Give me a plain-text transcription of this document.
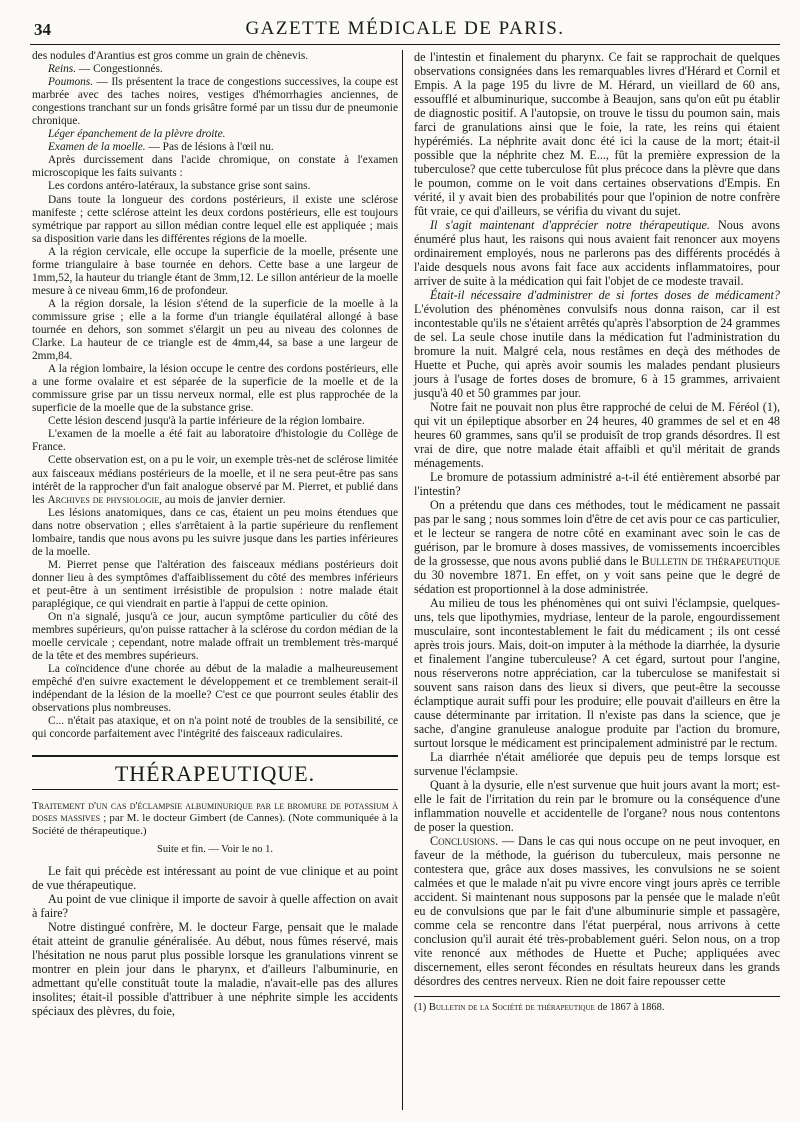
34	GAZETTE MÉDICALE DE PARIS.

des nodules d'Arantius est gros comme un grain de chènevis.

Reins. — Congestionnés.

Poumons. — Ils présentent la trace de congestions successives, la coupe est marbrée avec des taches noires, vestiges d'hémorrhagies anciennes, de congestions tranchant sur un fonds grisâtre formé par un tissu dur de pneumonie chronique.

Léger épanchement de la plèvre droite.

Examen de la moelle. — Pas de lésions à l'œil nu.

Après durcissement dans l'acide chromique, on constate à l'examen microscopique les faits suivants :

Les cordons antéro-latéraux, la substance grise sont sains.

Dans toute la longueur des cordons postérieurs, il existe une sclérose manifeste ; cette sclérose atteint les deux cordons postérieurs, elle est toujours symétrique par rapport au sillon médian contre lequel elle est appliquée ; mais sa disposition varie dans les différentes régions de la moelle.

A la région cervicale, elle occupe la superficie de la moelle, présente une forme triangulaire à base tournée en dehors. Cette base a une largeur de 1mm,52, la hauteur du triangle étant de 3mm,12. Le sillon antérieur de la moelle mesure à ce niveau 6mm,16 de profondeur.

A la région dorsale, la lésion s'étend de la superficie de la moelle à la commissure grise ; elle a la forme d'un triangle équilatéral allongé à base tournée en dehors, son sommet s'élargit un peu au niveau des colonnes de Clarke. La hauteur de ce triangle est de 4mm,44, sa base a une largeur de 2mm,84.

A la région lombaire, la lésion occupe le centre des cordons postérieurs, elle a une forme ovalaire et est séparée de la superficie de la moelle et de la commissure grise par un tissu nerveux normal, elle est plus rapprochée de la superficie de la moelle que de la substance grise.

Cette lésion descend jusqu'à la partie inférieure de la région lombaire.

L'examen de la moelle a été fait au laboratoire d'histologie du Collège de France.

Cette observation est, on a pu le voir, un exemple très-net de sclérose limitée aux faisceaux médians postérieurs de la moelle, et il ne sera peut-être pas sans intérêt de la rapprocher d'un fait analogue observé par M. Pierret, et publié dans les Archives de physiologie, au mois de janvier dernier.

Les lésions anatomiques, dans ce cas, étaient un peu moins étendues que dans notre observation ; elles s'arrêtaient à la partie supérieure du renflement lombaire, tandis que nous avons pu les suivre jusque dans les parties inférieures de la moelle.

M. Pierret pense que l'altération des faisceaux médians postérieurs doit donner lieu à des symptômes d'affaiblissement du côté des membres inférieurs et peut-être à un sentiment irrésistible de propulsion : notre malade était paraplégique, ce qui viendrait en partie à l'appui de cette opinion.

On n'a signalé, jusqu'à ce jour, aucun symptôme particulier du côté des membres supérieurs, qu'on puisse rattacher à la sclérose du cordon médian de la moelle cervicale ; cependant, notre malade offrait un tremblement très-marqué de la tête et des membres supérieurs.

La coïncidence d'une chorée au début de la maladie a malheureusement empêché d'en suivre exactement le développement et ce tremblement serait-il indépendant de la lésion de la moelle? C'est ce que pourront seules établir des observations plus nombreuses.

C... n'était pas ataxique, et on n'a point noté de troubles de la sensibilité, ce qui concorde parfaitement avec l'intégrité des faisceaux radiculaires.

THÉRAPEUTIQUE.

Traitement d'un cas d'éclampsie albuminurique par le bromure de potassium à doses massives ; par M. le docteur Gimbert (de Cannes). (Note communiquée à la Société de thérapeutique.)

Suite et fin. — Voir le no 1.

Le fait qui précède est intéressant au point de vue clinique et au point de vue thérapeutique.

Au point de vue clinique il importe de savoir à quelle affection on avait à faire?

Notre distingué confrère, M. le docteur Farge, pensait que le malade était atteint de granulie généralisée. Au début, nous fûmes réservé, mais l'hésitation ne nous parut plus possible lorsque les granulations vinrent se montrer en plein jour dans le pharynx, et d'ailleurs l'albuminurie, en admettant qu'elle constituât toute la maladie, n'avait-elle pas des allures insolites; était-il possible d'attribuer à une néphrite simple les accidents spéciaux des plèvres, du foie,

de l'intestin et finalement du pharynx. Ce fait se rapprochait de quelques observations consignées dans les remarquables livres d'Hérard et Cornil et Empis. A la page 195 du livre de M. Hérard, un vieillard de 60 ans, essoufflé et albuminurique, succombe à Beaujon, sans qu'on eût pu établir de diagnostic positif. A l'autopsie, on trouve le tissu du poumon sain, mais farci de granulations ainsi que le foie, la rate, les reins qui étaient hypérémiés. La néphrite avait donc été ici la cause de la mort; était-il possible que la néphrite chez M. E..., fût la première expression de la tuberculose? que cette tuberculose fût plus précoce dans la plèvre que dans le poumon, comme on le voit dans certaines observations d'Empis. En vérité, il y avait bien des probabilités pour que l'opinion de notre confrère fût vraie, ce qui d'ailleurs, se vérifia du vivant du sujet.

Il s'agit maintenant d'apprécier notre thérapeutique. Nous avons énuméré plus haut, les raisons qui nous avaient fait renoncer aux moyens ordinairement employés, nous ne parlerons pas des différents procédés à l'aide desquels nous avons fait face aux accidents inflammatoires, pour arriver de suite à la médication qui fait l'objet de ce modeste travail.

Était-il nécessaire d'administrer de si fortes doses de médicament? L'évolution des phénomènes convulsifs nous donna raison, car il est incontestable qu'ils ne s'étaient arrêtés qu'après l'absorption de 24 grammes de sel. La seule chose inutile dans la médication fut l'administration du bromure la nuit. Malgré cela, nous restâmes en deçà des méthodes de Huette et Puche, qui après avoir soumis les malades pendant plusieurs jours à l'usage de fortes doses de bromure, 6 à 15 grammes, arrivaient jusqu'à 40 et 50 grammes par jour.

Notre fait ne pouvait non plus être rapproché de celui de M. Féréol (1), qui vit un épileptique absorber en 24 heures, 40 grammes de sel et en 48 heures 60 grammes, sans qu'il se produisît de trop grands désordres. Il est vrai de dire, que notre malade était affaibli et qu'il méritait de grands ménagements.

Le bromure de potassium administré a-t-il été entièrement absorbé par l'intestin?

On a prétendu que dans ces méthodes, tout le médicament ne passait pas par le sang ; nous sommes loin d'être de cet avis pour ce cas particulier, et le lecteur se rangera de notre côté en examinant avec soin le cas de guérison, par le bromure à doses massives, de vomissements incoercibles de la grossesse, que nous avons publié dans le Bulletin de thérapeutique du 30 novembre 1871. En effet, on y voit sans peine que le degré de sédation est proportionnel à la dose administrée.

Au milieu de tous les phénomènes qui ont suivi l'éclampsie, quelques-uns, tels que lipothymies, mydriase, lenteur de la parole, engourdissement musculaire, sont incontestablement le fait du médicament ; ils ont cessé après trois jours. Mais, doit-on imputer à la méthode la diarrhée, la dysurie et finalement l'angine tuberculeuse? A cet égard, surtout pour l'angine, nous réserverons notre appréciation, car la tuberculose se manifestait si souvent sans raison dans des lieux si divers, que peut-être la secousse éclamptique aurait suffi pour les produire; elle pouvait d'ailleurs en être la cause déterminante par irritation. Il n'existe pas dans la science, que je sache, d'angine granuleuse analogue produite par l'action du bromure, surtout lorsque le médicament est principalement administré par le rectum.

La diarrhée n'était améliorée que depuis peu de temps lorsque est survenue l'éclampsie.

Quant à la dysurie, elle n'est survenue que huit jours avant la mort; est-elle le fait de l'irritation du rein par le bromure ou la conséquence d'une inflammation nouvelle et accidentelle de l'organe? nous nous contentons de poser la question.

Conclusions. — Dans le cas qui nous occupe on ne peut invoquer, en faveur de la méthode, la guérison du tuberculeux, mais personne ne contestera que, grâce aux doses massives, les convulsions ne se soient calmées et que le malade n'ait pu vivre encore vingt jours après ce terrible accident. Si maintenant nous supposons par la pensée que le malade n'eût eu de convulsions que par le fait d'une albuminurie simple et passagère, comme cela se rencontre dans l'état puerpéral, nous arrivons à cette conclusion qu'il aurait été très-probablement guéri. Selon nous, on a trop vite renoncé aux méthodes de Huette et Puche; appliquées avec discernement, elles seront fécondes en résultats heureux dans les grands désordres des centres nerveux. Rien ne doit faire repousser cette

(1) Bulletin de la Société de thérapeutique de 1867 à 1868.
